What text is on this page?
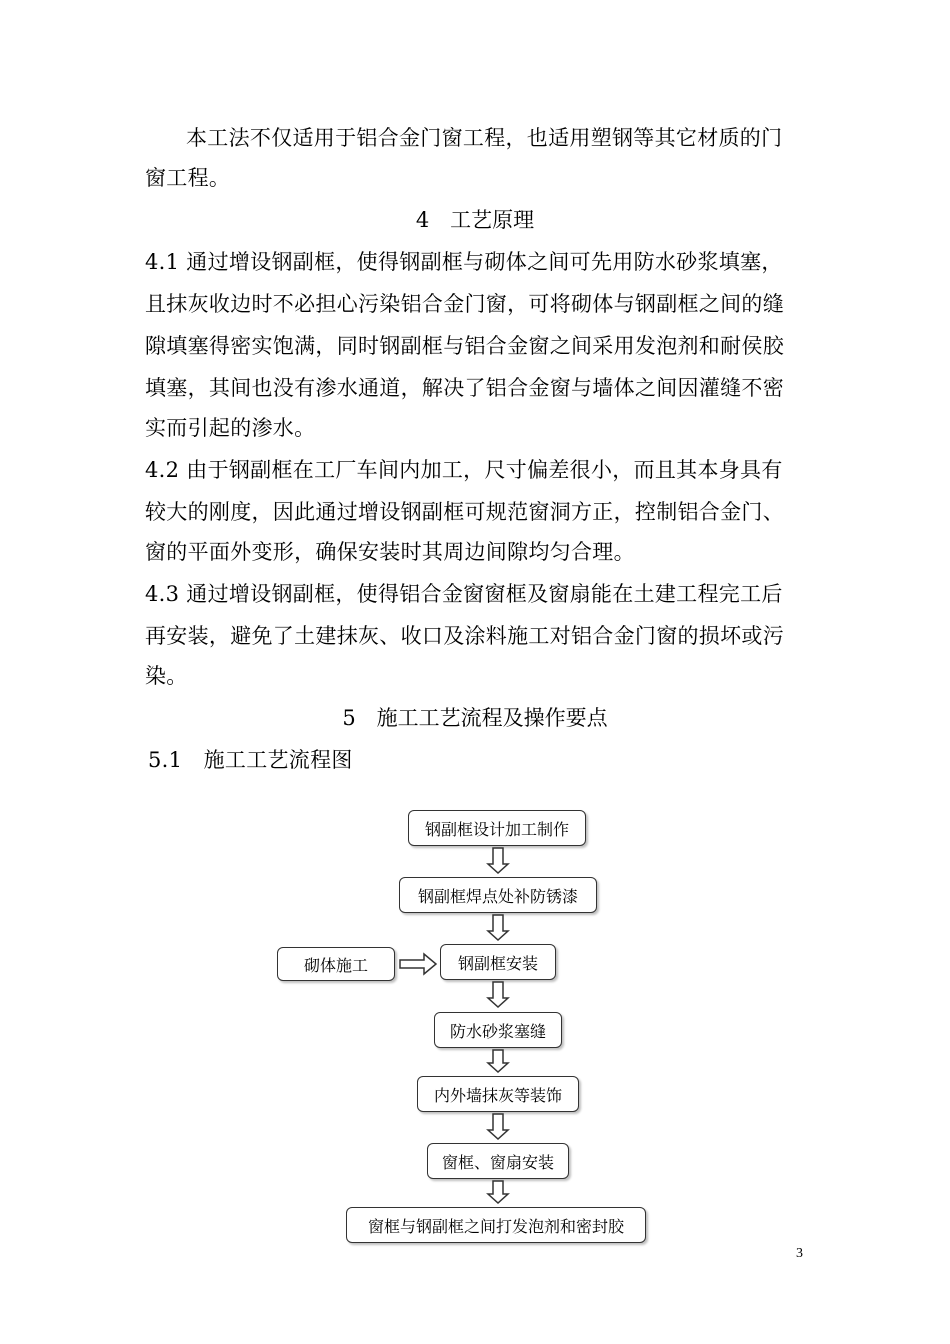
本工法不仅适用于铝合金门窗工程，也适用塑钢等其它材质的门
窗工程。
4　工艺原理
4.1 通过增设钢副框，使得钢副框与砌体之间可先用防水砂浆填塞，
且抹灰收边时不必担心污染铝合金门窗，可将砌体与钢副框之间的缝
隙填塞得密实饱满，同时钢副框与铝合金窗之间采用发泡剂和耐侯胶
填塞，其间也没有渗水通道，解决了铝合金窗与墙体之间因灌缝不密
实而引起的渗水。
4.2 由于钢副框在工厂车间内加工，尺寸偏差很小，而且其本身具有
较大的刚度，因此通过增设钢副框可规范窗洞方正，控制铝合金门、
窗的平面外变形，确保安装时其周边间隙均匀合理。
4.3 通过增设钢副框，使得铝合金窗窗框及窗扇能在土建工程完工后
再安装，避免了土建抹灰、收口及涂料施工对铝合金门窗的损坏或污
染。
5　施工工艺流程及操作要点
5.1　施工工艺流程图
钢副框设计加工制作
钢副框焊点处补防锈漆
砌体施工	钢副框安装
防水砂浆塞缝
内外墙抹灰等装饰
窗框、窗扇安装
窗框与钢副框之间打发泡剂和密封胶
3
